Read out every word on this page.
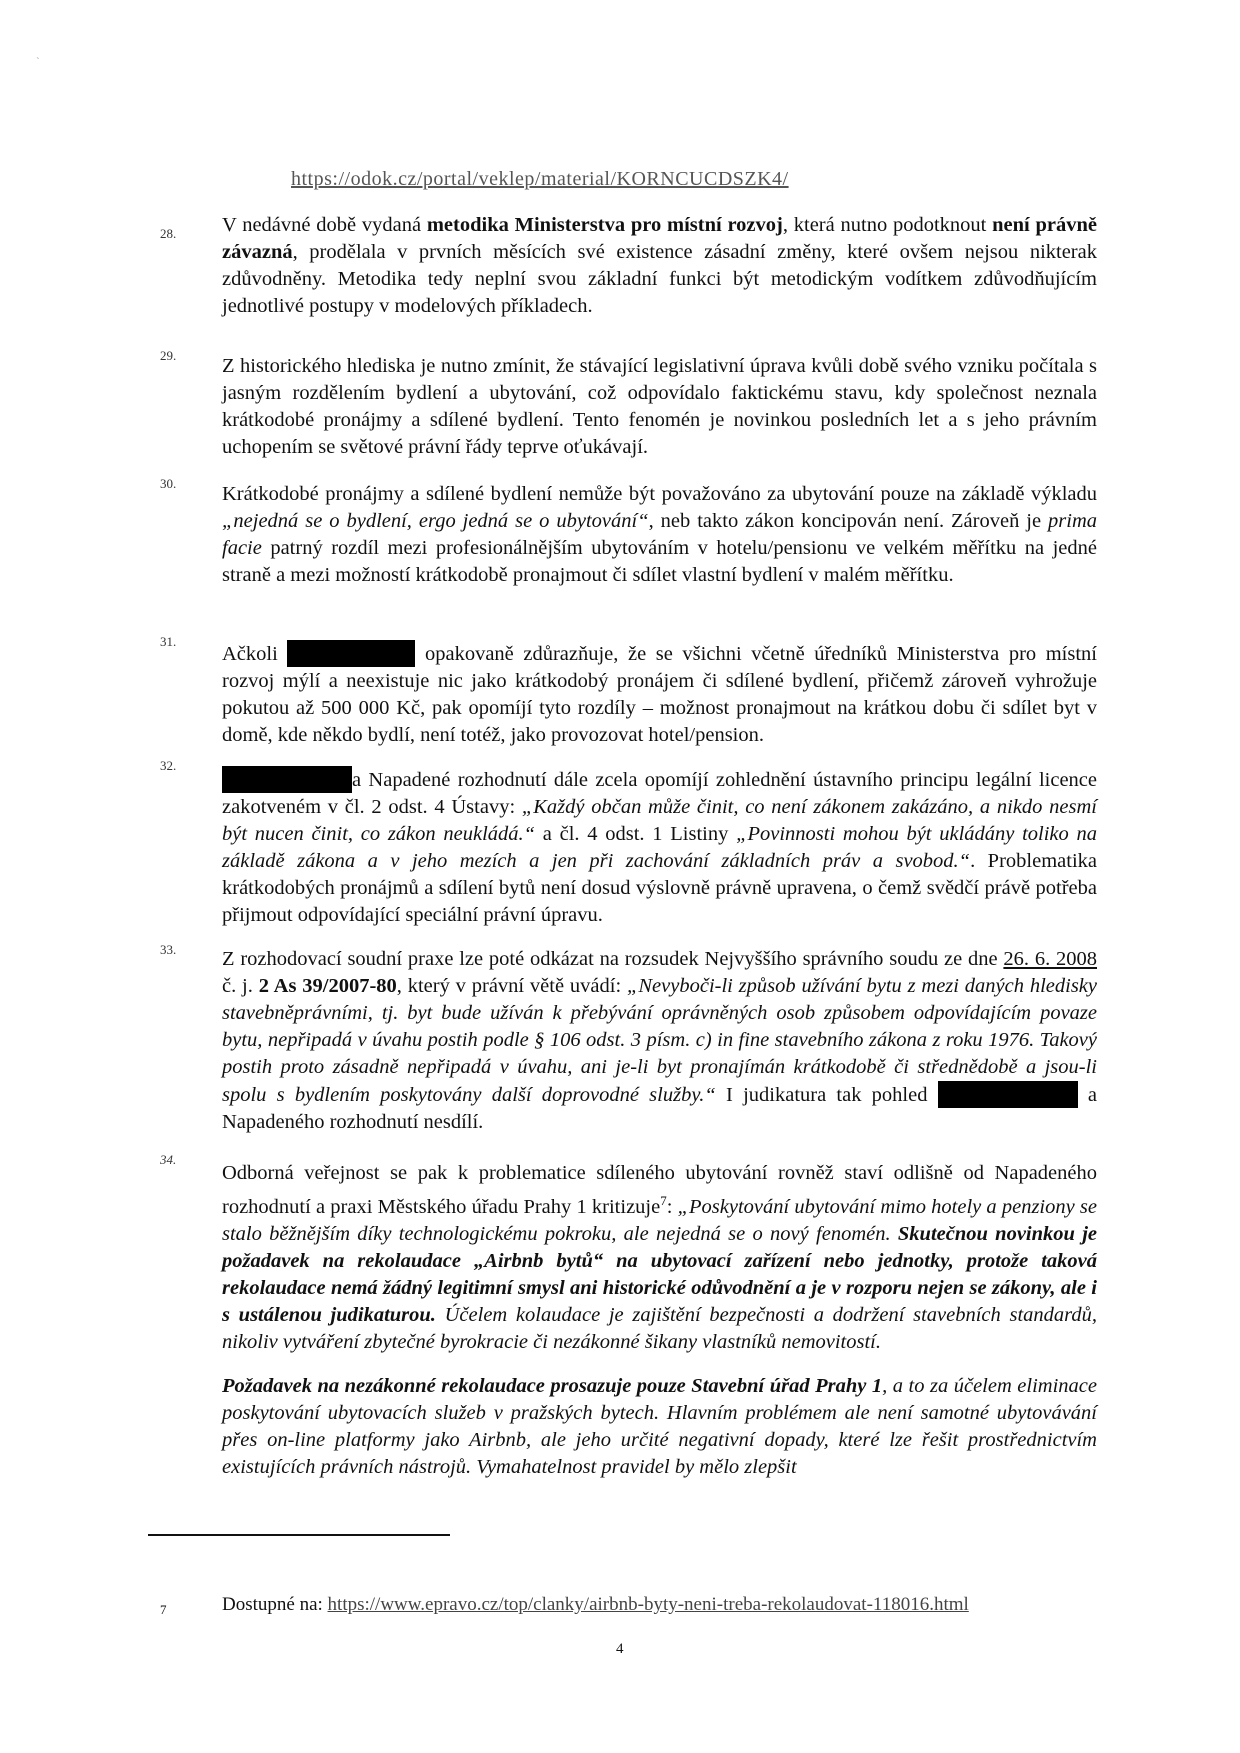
`
https://odok.cz/portal/veklep/material/KORNCUCDSZK4/
28. V nedávné době vydaná metodika Ministerstva pro místní rozvoj, která nutno podotknout není právně závazná, prodělala v prvních měsících své existence zásadní změny, které ovšem nejsou nikterak zdůvodněny. Metodika tedy neplní svou základní funkci být metodickým vodítkem zdůvodňujícím jednotlivé postupy v modelových příkladech.
29. Z historického hlediska je nutno zmínit, že stávající legislativní úprava kvůli době svého vzniku počítala s jasným rozdělením bydlení a ubytování, což odpovídalo faktickému stavu, kdy společnost neznala krátkodobé pronájmy a sdílené bydlení. Tento fenomén je novinkou posledních let a s jeho právním uchopením se světové právní řády teprve oťukávají.
30. Krátkodobé pronájmy a sdílené bydlení nemůže být považováno za ubytování pouze na základě výkladu „nejedná se o bydlení, ergo jedná se o ubytování“, neb takto zákon koncipován není. Zároveň je prima facie patrný rozdíl mezi profesionálnějším ubytováním v hotelu/pensionu ve velkém měřítku na jedné straně a mezi možností krátkodobě pronajmout či sdílet vlastní bydlení v malém měřítku.
31.
Ačkoli	opakovaně zdůrazňuje, že se všichni včetně úředníků Ministerstva pro místní rozvoj mýlí a neexistuje nic jako krátkodobý pronájem či sdílené bydlení, přičemž zároveň vyhrožuje pokutou až 500 000 Kč, pak opomíjí tyto rozdíly – možnost pronajmout na krátkou dobu či sdílet byt v domě, kde někdo bydlí, není totéž, jako provozovat hotel/pension.
32.
a Napadené rozhodnutí dále zcela opomíjí zohlednění ústavního principu legální licence zakotveném v čl. 2 odst. 4 Ústavy: „Každý občan může činit, co není zákonem zakázáno, a nikdo nesmí být nucen činit, co zákon neukládá.“ a čl. 4 odst. 1 Listiny „Povinnosti mohou být ukládány toliko na základě zákona a v jeho mezích a jen při zachování základních práv a svobod.“. Problematika krátkodobých pronájmů a sdílení bytů není dosud výslovně právně upravena, o čemž svědčí právě potřeba přijmout odpovídající speciální právní úpravu.
33. Z rozhodovací soudní praxe lze poté odkázat na rozsudek Nejvyššího správního soudu ze dne 26. 6. 2008 č. j. 2 As 39/2007-80, který v právní větě uvádí: „Nevyboči-li způsob užívání bytu z mezi daných hledisky stavebněprávními, tj. byt bude užíván k přebývání oprávněných osob způsobem odpovídajícím povaze bytu, nepřipadá v úvahu postih podle § 106 odst. 3 písm. c) in fine stavebního zákona z roku 1976. Takový postih proto zásadně nepřipadá v úvahu, ani je-li byt pronajímán krátkodobě či střednědobě a jsou-li spolu s bydlením poskytovány další doprovodné služby.“ I judikatura tak pohled	a Napadeného rozhodnutí nesdílí.
34.
Odborná veřejnost se pak k problematice sdíleného ubytování rovněž staví odlišně od Napadeného rozhodnutí a praxi Městského úřadu Prahy 1 kritizuje$^7$: „Poskytování ubytování mimo hotely a penziony se stalo běžnějším díky technologickému pokroku, ale nejedná se o nový fenomén. Skutečnou novinkou je požadavek na rekolaudace „Airbnb bytů“ na ubytovací zařízení nebo jednotky, protože taková rekolaudace nemá žádný legitimní smysl ani historické odůvodnění a je v rozporu nejen se zákony, ale i s ustálenou judikaturou. Účelem kolaudace je zajištění bezpečnosti a dodržení stavebních standardů, nikoliv vytváření zbytečné byrokracie či nezákonné šikany vlastníků nemovitostí.
Požadavek na nezákonné rekolaudace prosazuje pouze Stavební úřad Prahy 1, a to za účelem eliminace poskytování ubytovacích služeb v pražských bytech. Hlavním problémem ale není samotné ubytovávání přes on-line platformy jako Airbnb, ale jeho určité negativní dopady, které lze řešit prostřednictvím existujících právních nástrojů. Vymahatelnost pravidel by mělo zlepšit
7	Dostupné na: https://www.epravo.cz/top/clanky/airbnb-byty-neni-treba-rekolaudovat-118016.html
4
